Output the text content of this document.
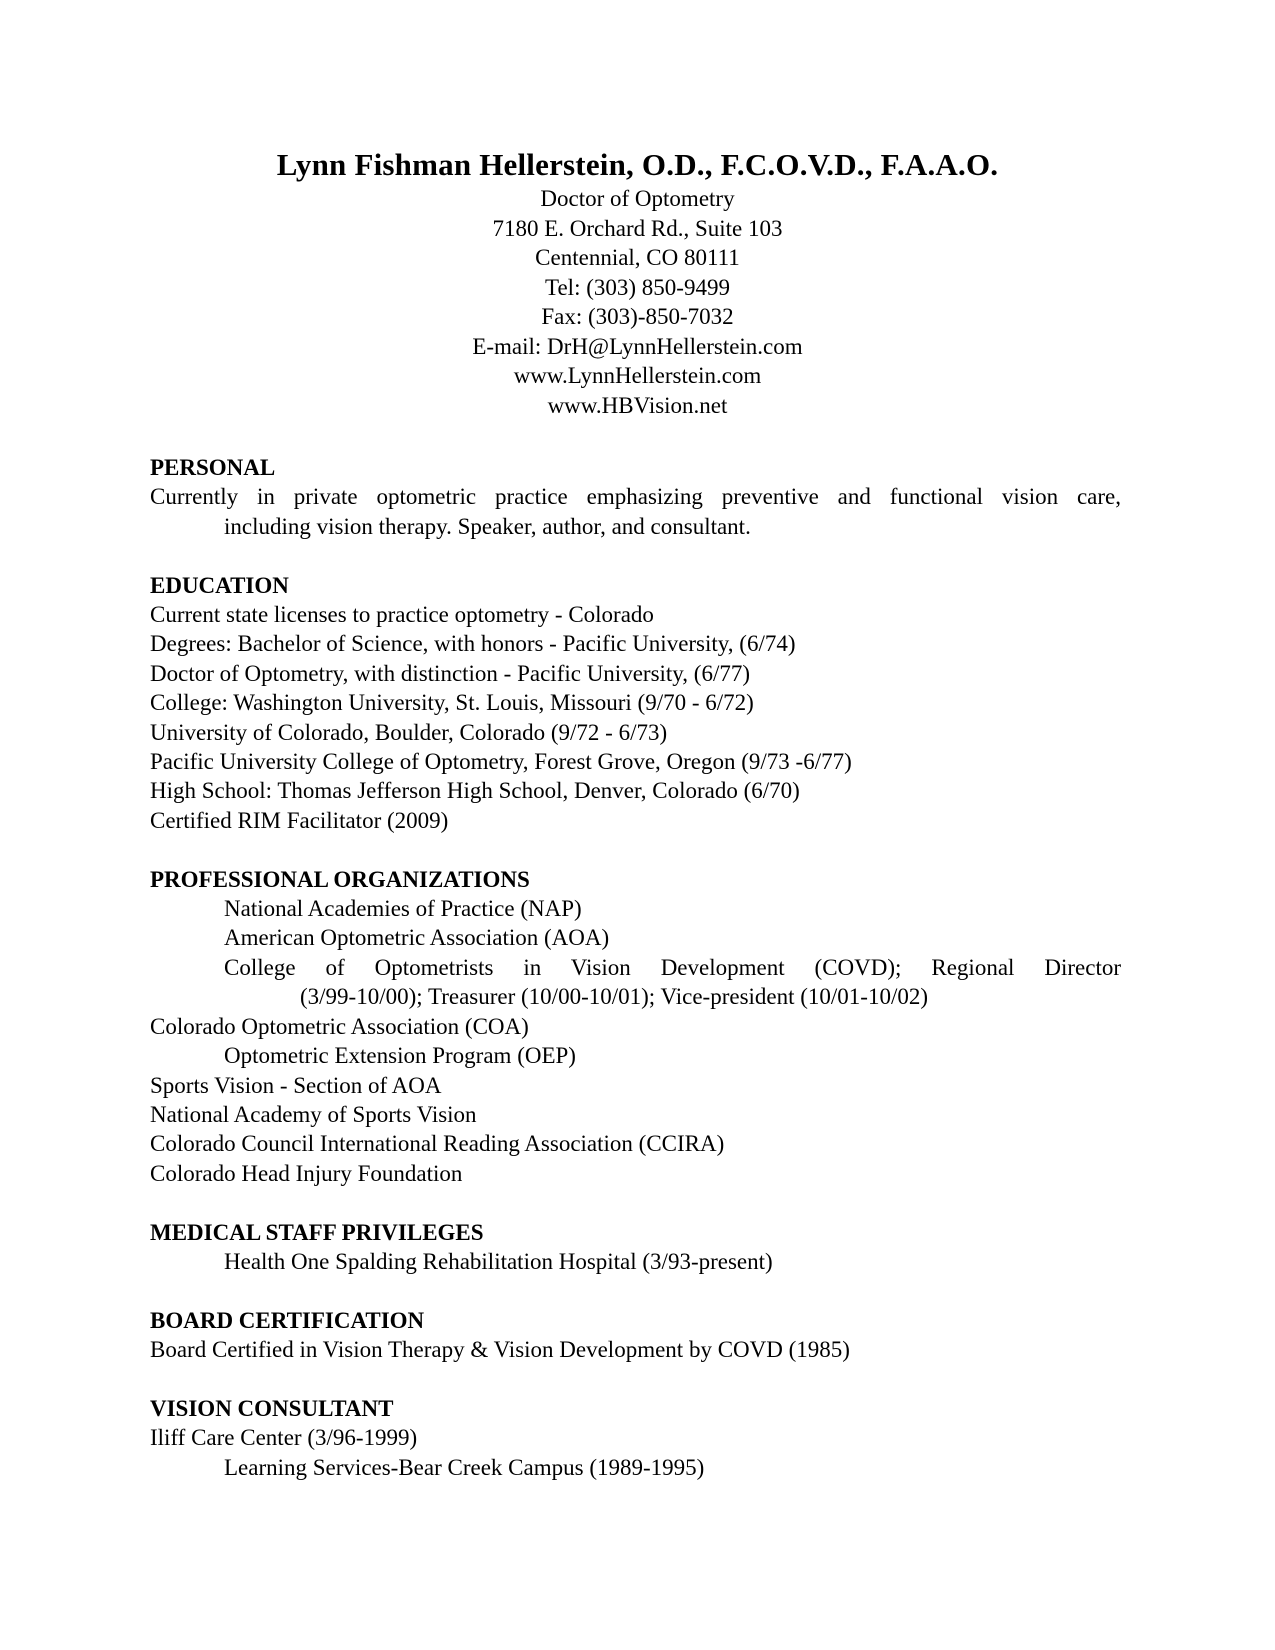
Lynn Fishman Hellerstein, O.D., F.C.O.V.D., F.A.A.O.

Doctor of Optometry

7180 E. Orchard Rd., Suite 103

Centennial, CO 80111

Tel: (303) 850-9499

Fax: (303)-850-7032

E-mail: DrH@LynnHellerstein.com

www.LynnHellerstein.com

www.HBVision.net

PERSONAL

Currently in private optometric practice emphasizing preventive and functional vision care,

including vision therapy. Speaker, author, and consultant.

EDUCATION

Current state licenses to practice optometry - Colorado

Degrees: Bachelor of Science, with honors - Pacific University, (6/74)

Doctor of Optometry, with distinction - Pacific University, (6/77)

College: Washington University, St. Louis, Missouri (9/70 - 6/72)

University of Colorado, Boulder, Colorado (9/72 - 6/73)

Pacific University College of Optometry, Forest Grove, Oregon (9/73 -6/77)

High School: Thomas Jefferson High School, Denver, Colorado (6/70)

Certified RIM Facilitator (2009)

PROFESSIONAL ORGANIZATIONS

National Academies of Practice (NAP)

American Optometric Association (AOA)

College of Optometrists in Vision Development (COVD); Regional Director

(3/99-10/00); Treasurer (10/00-10/01); Vice-president (10/01-10/02)

Colorado Optometric Association (COA)

Optometric Extension Program (OEP)

Sports Vision - Section of AOA

National Academy of Sports Vision

Colorado Council International Reading Association (CCIRA)

Colorado Head Injury Foundation

MEDICAL STAFF PRIVILEGES

Health One Spalding Rehabilitation Hospital (3/93-present)

BOARD CERTIFICATION

Board Certified in Vision Therapy & Vision Development by COVD (1985)

VISION CONSULTANT

Iliff Care Center (3/96-1999)

Learning Services-Bear Creek Campus (1989-1995)
